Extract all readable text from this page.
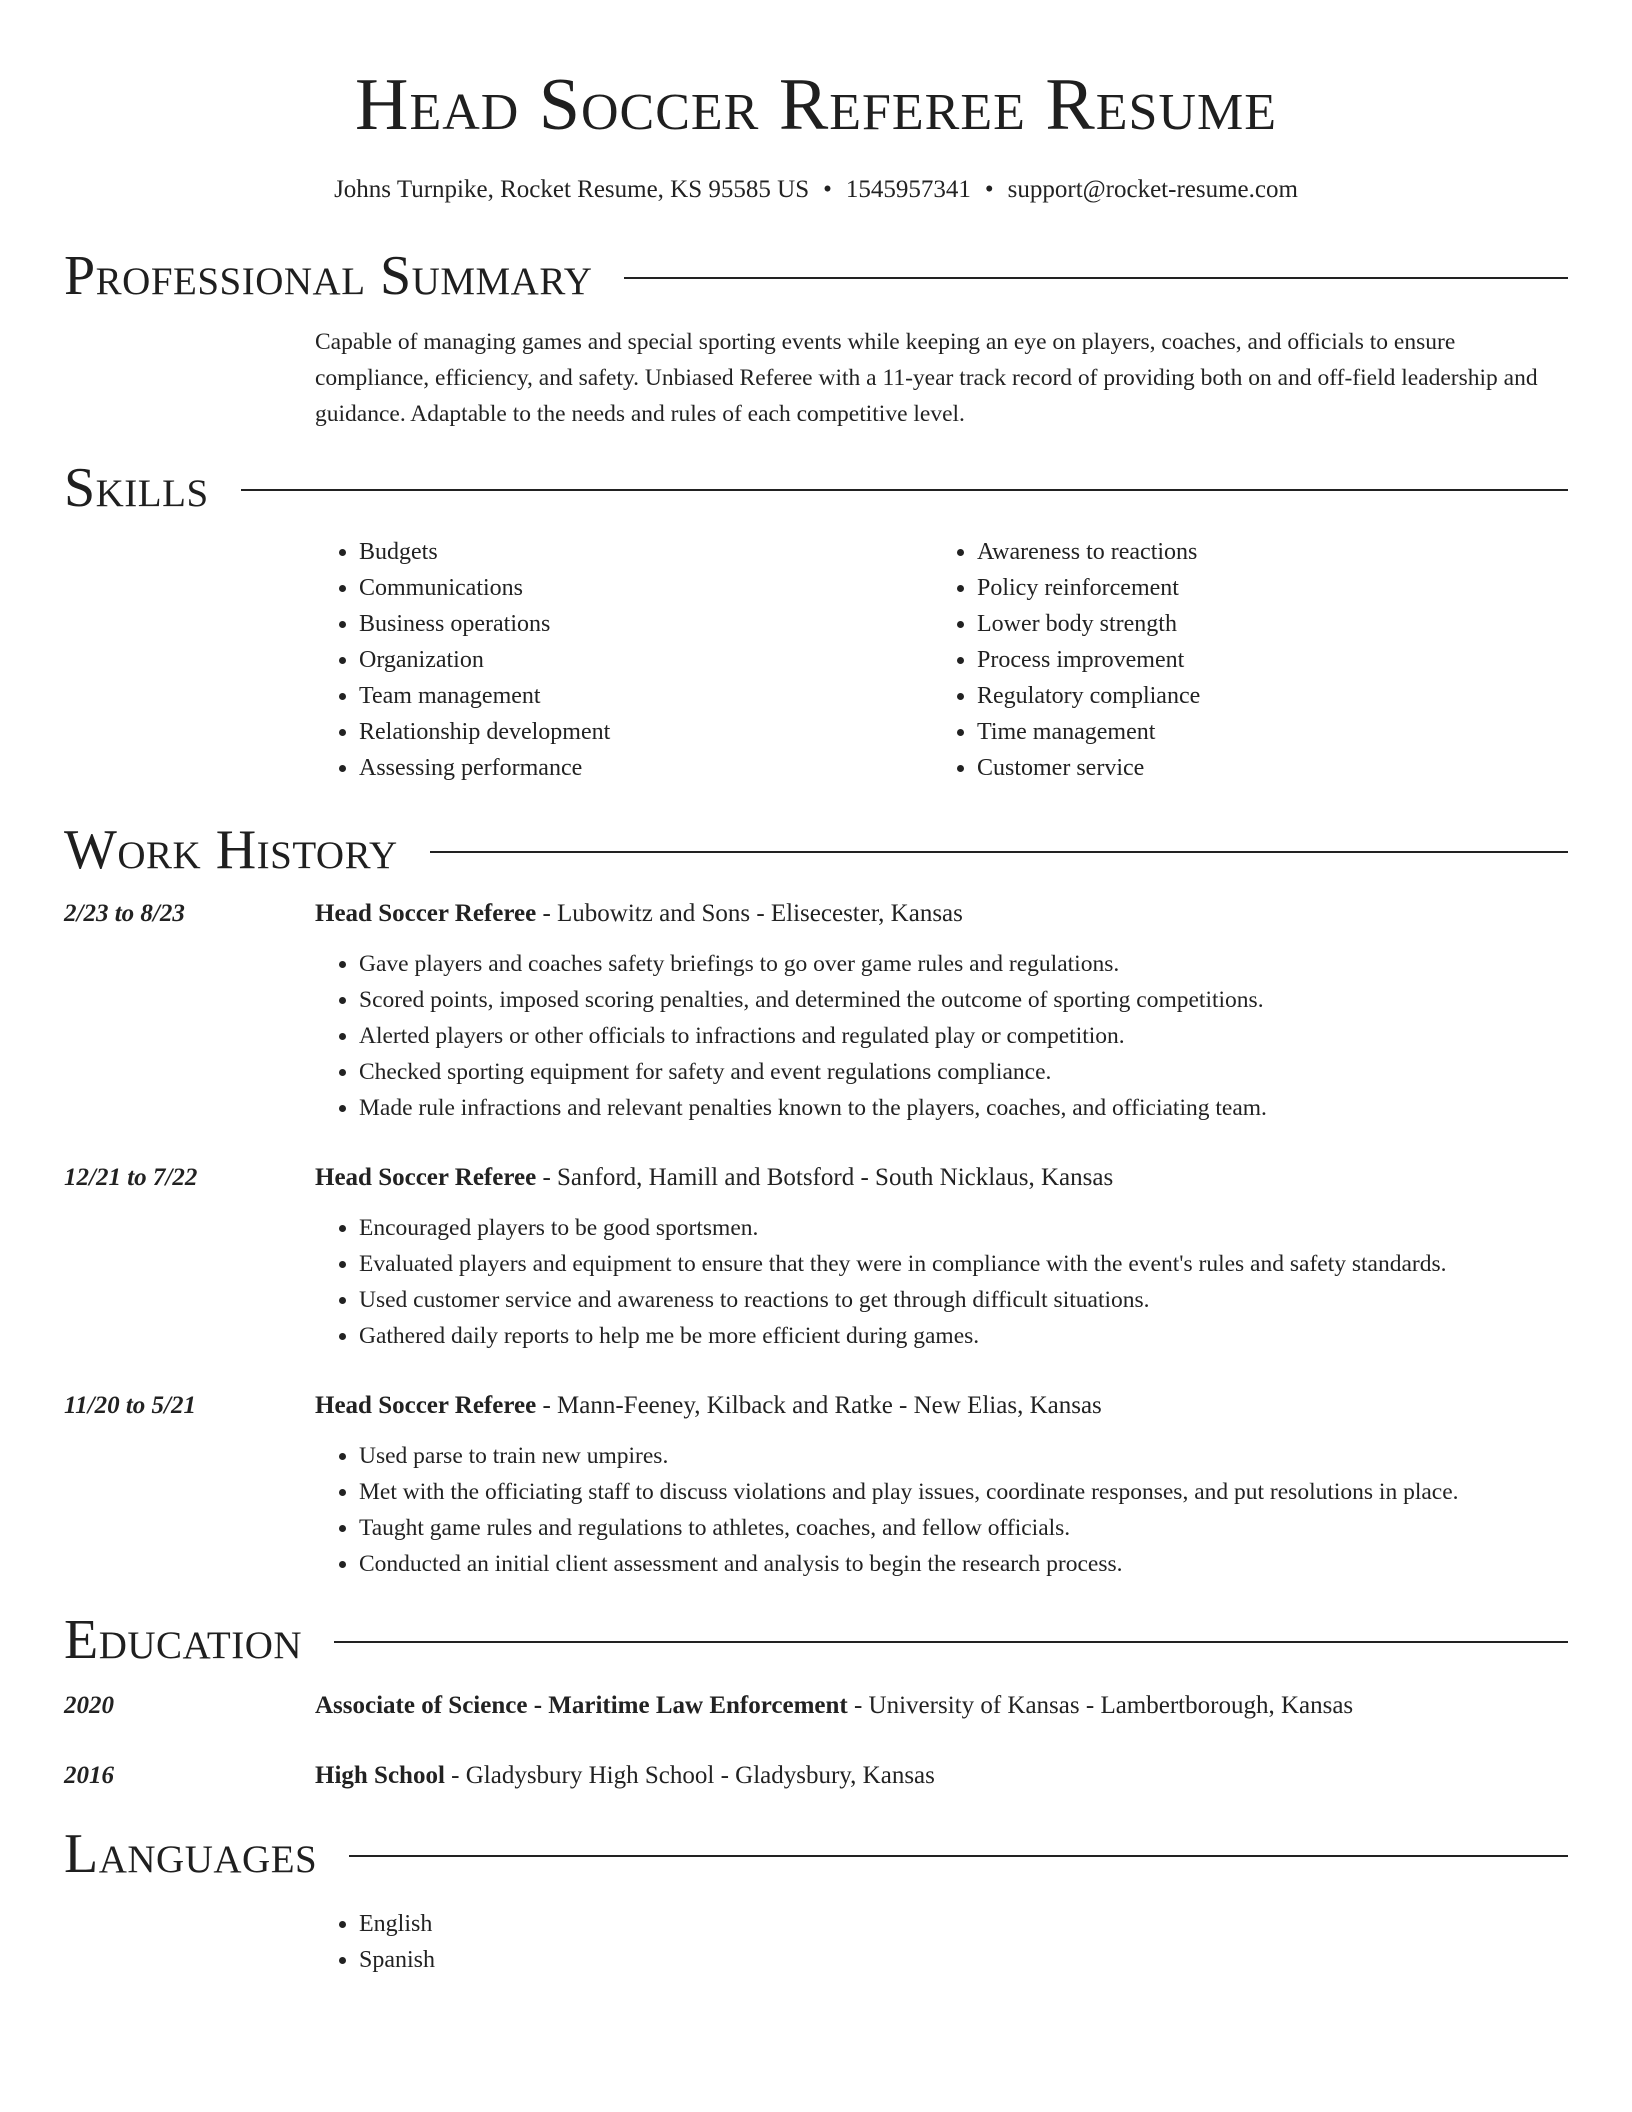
Head Soccer Referee Resume
Johns Turnpike, Rocket Resume, KS 95585 US • 1545957341 • support@rocket-resume.com
Professional Summary

Capable of managing games and special sporting events while keeping an eye on players, coaches, and officials to ensure compliance, efficiency, and safety. Unbiased Referee with a 11-year track record of providing both on and off-field leadership and guidance. Adaptable to the needs and rules of each competitive level.

Skills
• Budgets
• Communications
• Business operations
• Organization
• Team management
• Relationship development
• Assessing performance
• Awareness to reactions
• Policy reinforcement
• Lower body strength
• Process improvement
• Regulatory compliance
• Time management
• Customer service
Work History
2/23 to 8/23	Head Soccer Referee - Lubowitz and Sons - Elisecester, Kansas
• Gave players and coaches safety briefings to go over game rules and regulations.
• Scored points, imposed scoring penalties, and determined the outcome of sporting competitions.
• Alerted players or other officials to infractions and regulated play or competition.
• Checked sporting equipment for safety and event regulations compliance.
• Made rule infractions and relevant penalties known to the players, coaches, and officiating team.
12/21 to 7/22	Head Soccer Referee - Sanford, Hamill and Botsford - South Nicklaus, Kansas
• Encouraged players to be good sportsmen.
• Evaluated players and equipment to ensure that they were in compliance with the event's rules and safety standards.
• Used customer service and awareness to reactions to get through difficult situations.
• Gathered daily reports to help me be more efficient during games.
11/20 to 5/21	Head Soccer Referee - Mann-Feeney, Kilback and Ratke - New Elias, Kansas
• Used parse to train new umpires.
• Met with the officiating staff to discuss violations and play issues, coordinate responses, and put resolutions in place.
• Taught game rules and regulations to athletes, coaches, and fellow officials.
• Conducted an initial client assessment and analysis to begin the research process.
Education
2020	Associate of Science - Maritime Law Enforcement - University of Kansas - Lambertborough, Kansas
2016	High School - Gladysbury High School - Gladysbury, Kansas
Languages
• English
• Spanish
